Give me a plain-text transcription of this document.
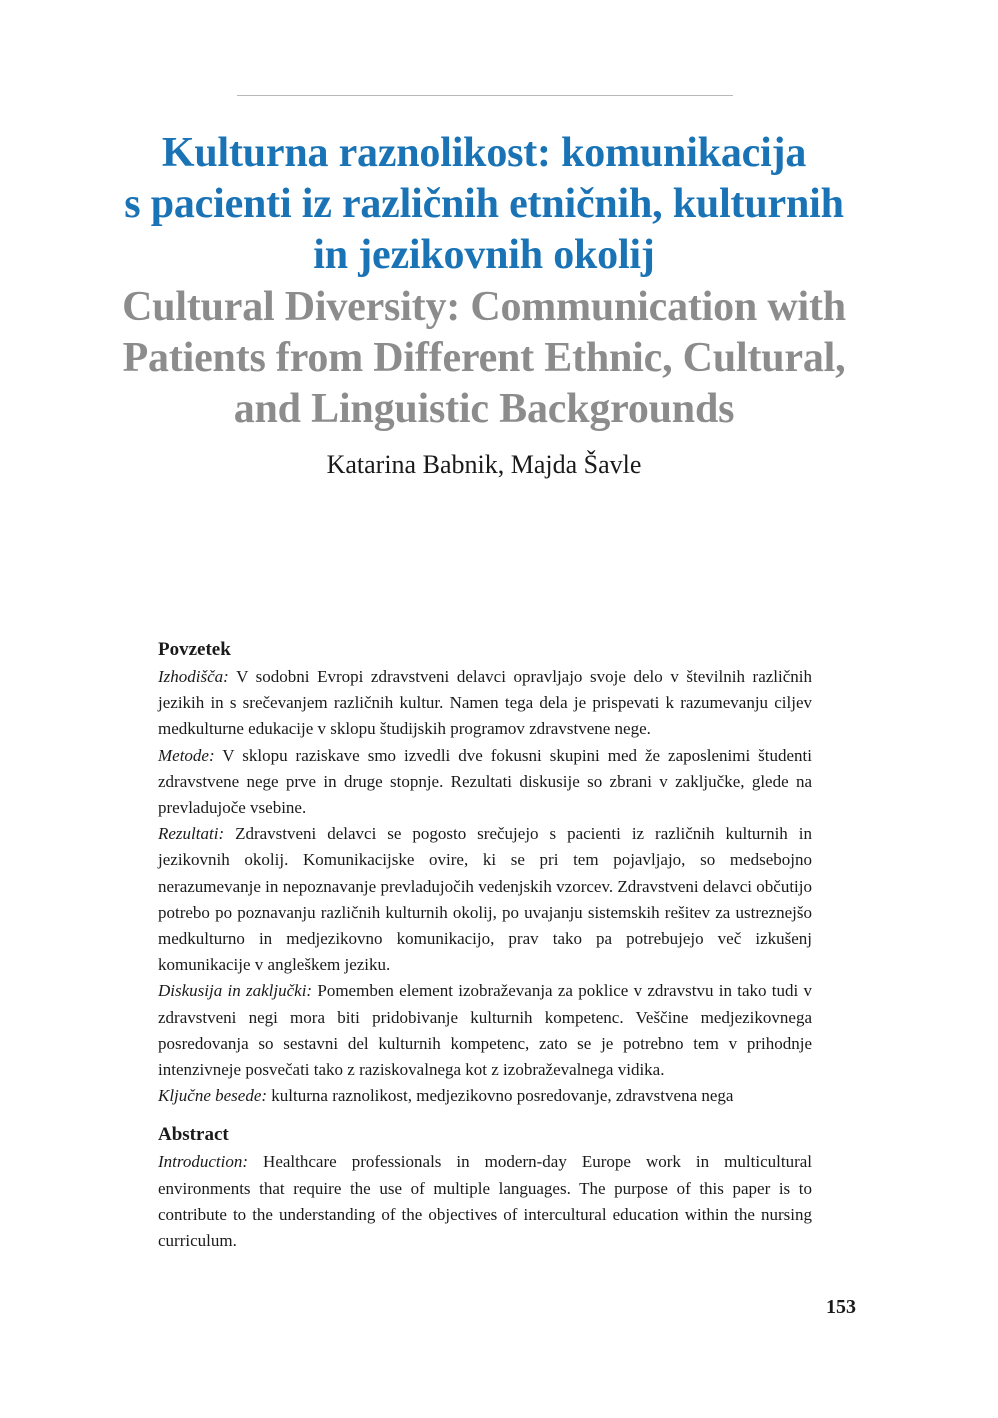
Kulturna raznolikost: komunikacija
s pacienti iz različnih etničnih, kulturnih
in jezikovnih okolij
Cultural Diversity: Communication with
Patients from Different Ethnic, Cultural,
and Linguistic Backgrounds

Katarina Babnik, Majda Šavle

Povzetek

Izhodišča: V sodobni Evropi zdravstveni delavci opravljajo svoje delo v številnih različnih jezikih in s srečevanjem različnih kultur. Namen tega dela je prispevati k razumevanju ciljev medkulturne edukacije v sklopu študijskih programov zdravstvene nege.

Metode: V sklopu raziskave smo izvedli dve fokusni skupini med že zaposlenimi študenti zdravstvene nege prve in druge stopnje. Rezultati diskusije so zbrani v zaključke, glede na prevladujoče vsebine.

Rezultati: Zdravstveni delavci se pogosto srečujejo s pacienti iz različnih kulturnih in jezikovnih okolij. Komunikacijske ovire, ki se pri tem pojavljajo, so medsebojno nerazumevanje in nepoznavanje prevladujočih vedenjskih vzorcev. Zdravstveni delavci občutijo potrebo po poznavanju različnih kulturnih okolij, po uvajanju sistemskih rešitev za ustreznejšo medkulturno in medjezikovno komunikacijo, prav tako pa potrebujejo več izkušenj komunikacije v angleškem jeziku.

Diskusija in zaključki: Pomemben element izobraževanja za poklice v zdravstvu in tako tudi v zdravstveni negi mora biti pridobivanje kulturnih kompetenc. Veščine medjezikovnega posredovanja so sestavni del kulturnih kompetenc, zato se je potrebno tem v prihodnje intenzivneje posvečati tako z raziskovalnega kot z izobraževalnega vidika.

Ključne besede: kulturna raznolikost, medjezikovno posredovanje, zdravstvena nega

Abstract

Introduction: Healthcare professionals in modern-day Europe work in multicultural environments that require the use of multiple languages. The purpose of this paper is to contribute to the understanding of the objectives of intercultural education within the nursing curriculum.

153
